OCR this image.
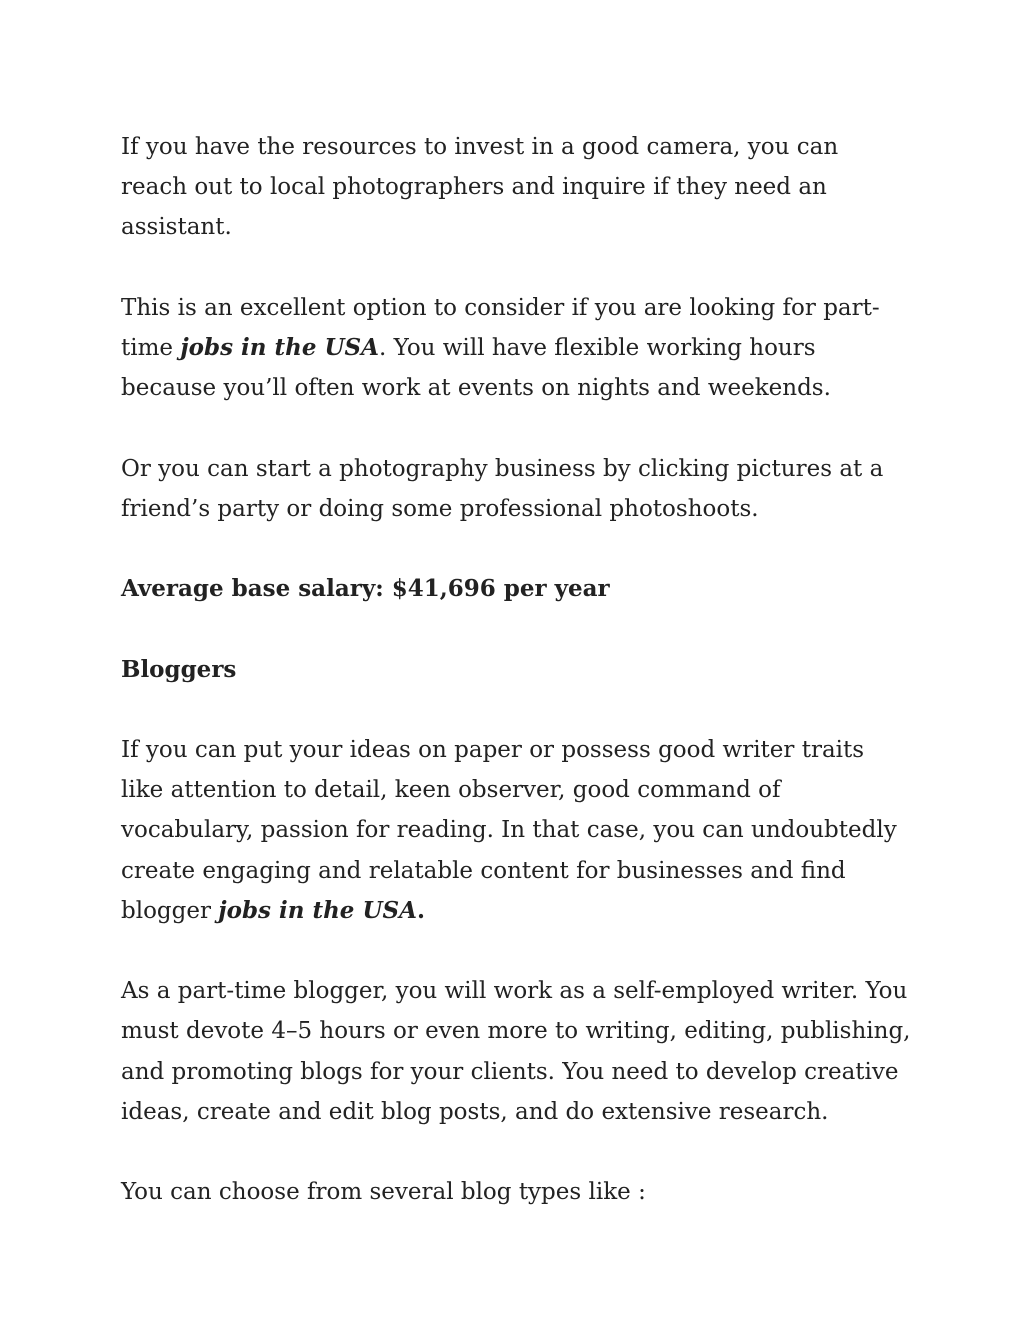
If you have the resources to invest in a good camera, you can reach out to local photographers and inquire if they need an assistant.

This is an excellent option to consider if you are looking for part-time jobs in the USA. You will have flexible working hours because you’ll often work at events on nights and weekends.

Or you can start a photography business by clicking pictures at a friend’s party or doing some professional photoshoots.

Average base salary: $41,696 per year

Bloggers

If you can put your ideas on paper or possess good writer traits like attention to detail, keen observer, good command of vocabulary, passion for reading. In that case, you can undoubtedly create engaging and relatable content for businesses and find blogger jobs in the USA.

As a part-time blogger, you will work as a self-employed writer. You must devote 4–5 hours or even more to writing, editing, publishing, and promoting blogs for your clients. You need to develop creative ideas, create and edit blog posts, and do extensive research.

You can choose from several blog types like :
